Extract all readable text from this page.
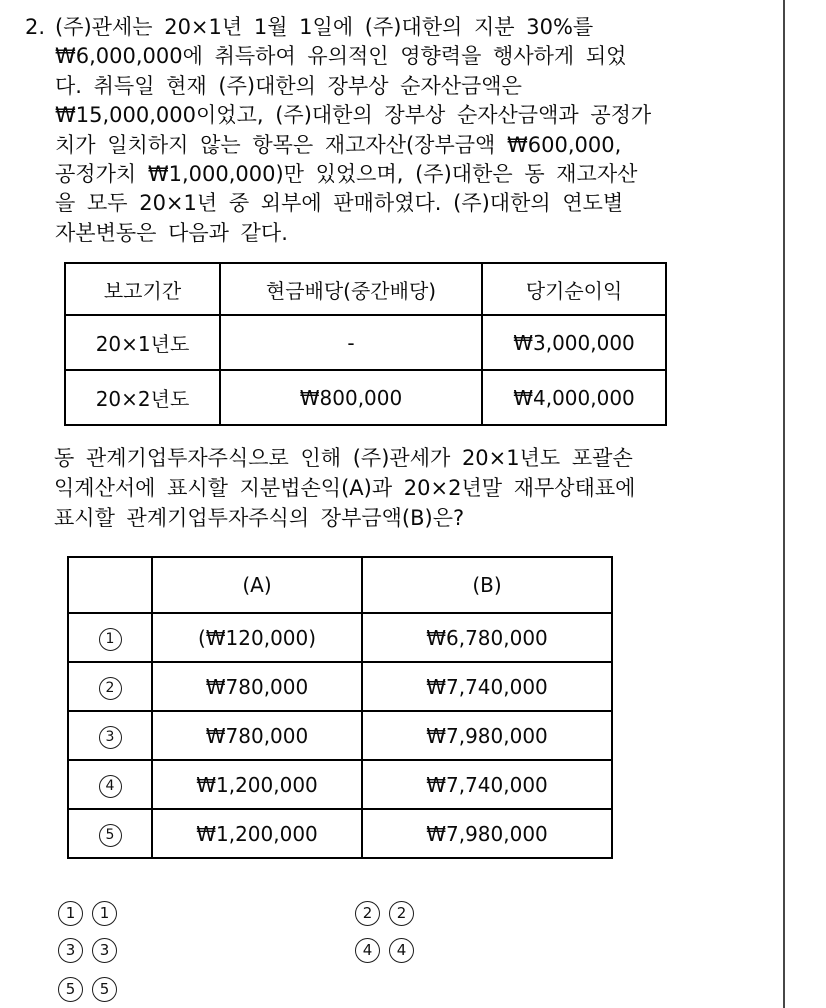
2. (주)관세는 20×1년 1월 1일에 (주)대한의 지분 30%를
₩6,000,000에 취득하여 유의적인 영향력을 행사하게 되었
다. 취득일 현재 (주)대한의 장부상 순자산금액은
₩15,000,000이었고, (주)대한의 장부상 순자산금액과 공정가
치가 일치하지 않는 항목은 재고자산(장부금액 ₩600,000,
공정가치 ₩1,000,000)만 있었으며, (주)대한은 동 재고자산
을 모두 20×1년 중 외부에 판매하였다. (주)대한의 연도별
자본변동은 다음과 같다.
보고기간	현금배당(중간배당)	당기순이익
20×1년도	-	₩3,000,000
20×2년도	₩800,000	₩4,000,000
동 관계기업투자주식으로 인해 (주)관세가 20×1년도 포괄손
익계산서에 표시할 지분법손익(A)과 20×2년말 재무상태표에
표시할 관계기업투자주식의 장부금액(B)은?
	(A)	(B)
1	(₩120,000)	₩6,780,000
2	₩780,000	₩7,740,000
3	₩780,000	₩7,980,000
4	₩1,200,000	₩7,740,000
5	₩1,200,000	₩7,980,000
1	1	2	2
3	3	4	4
5	5
